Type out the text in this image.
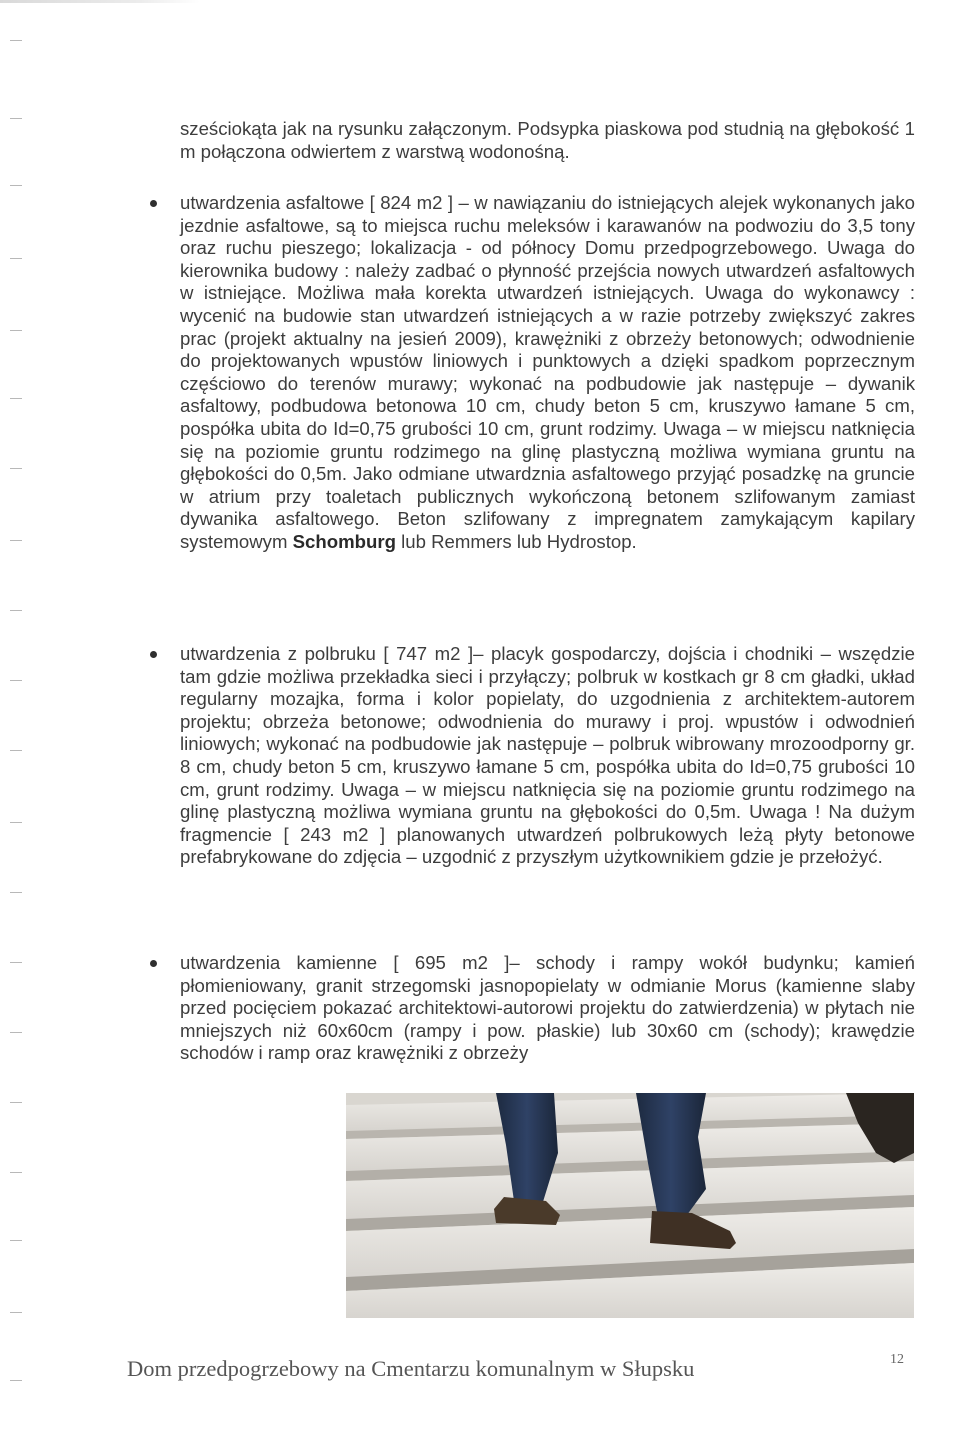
sześciokąta jak na rysunku załączonym. Podsypka piaskowa pod studnią na głębokość 1 m połączona odwiertem z warstwą wodonośną.

utwardzenia asfaltowe [ 824 m2 ] – w nawiązaniu do istniejących alejek wykonanych jako jezdnie asfaltowe, są to miejsca ruchu meleksów i karawanów na podwoziu do 3,5 tony oraz ruchu pieszego; lokalizacja - od północy Domu przedpogrzebowego. Uwaga do kierownika budowy : należy zadbać o płynność przejścia nowych utwardzeń asfaltowych w istniejące. Możliwa mała korekta utwardzeń istniejących. Uwaga do wykonawcy : wycenić na budowie stan utwardzeń istniejących a w razie potrzeby zwiększyć zakres prac (projekt aktualny na jesień 2009), krawężniki z obrzeży betonowych; odwodnienie do projektowanych wpustów liniowych i punktowych a dzięki spadkom poprzecznym częściowo do terenów murawy; wykonać na podbudowie jak następuje – dywanik asfaltowy, podbudowa betonowa 10 cm, chudy beton 5 cm, kruszywo łamane 5 cm, pospółka ubita do Id=0,75 grubości 10 cm, grunt rodzimy. Uwaga – w miejscu natknięcia się na poziomie gruntu rodzimego na glinę plastyczną możliwa wymiana gruntu na głębokości do 0,5m. Jako odmiane utwardznia asfaltowego przyjąć posadzkę na gruncie w atrium przy toaletach publicznych wykończoną betonem szlifowanym zamiast dywanika asfaltowego. Beton szlifowany z impregnatem zamykającym kapilary systemowym Schomburg lub Remmers lub Hydrostop.

utwardzenia z polbruku [ 747 m2 ]– placyk gospodarczy, dojścia i chodniki – wszędzie tam gdzie możliwa przekładka sieci i przyłączy; polbruk w kostkach gr 8 cm gładki, układ regularny mozajka, forma i kolor popielaty, do uzgodnienia z architektem-autorem projektu; obrzeża betonowe; odwodnienia do murawy i proj. wpustów i odwodnień liniowych; wykonać na podbudowie jak następuje – polbruk wibrowany mrozoodporny gr. 8 cm, chudy beton 5 cm, kruszywo łamane 5 cm, pospółka ubita do Id=0,75 grubości 10 cm, grunt rodzimy. Uwaga – w miejscu natknięcia się na poziomie gruntu rodzimego na glinę plastyczną możliwa wymiana gruntu na głębokości do 0,5m. Uwaga ! Na dużym fragmencie [ 243 m2 ] planowanych utwardzeń polbrukowych leżą płyty betonowe prefabrykowane do zdjęcia – uzgodnić z przyszłym użytkownikiem gdzie je przełożyć.

utwardzenia kamienne [ 695 m2 ]– schody i rampy wokół budynku; kamień płomieniowany, granit strzegomski jasnopopielaty w odmianie Morus (kamienne slaby przed pocięciem pokazać architektowi-autorowi projektu do zatwierdzenia) w płytach nie mniejszych niż 60x60cm (rampy i pow. płaskie) lub 30x60 cm (schody); krawędzie schodów i ramp oraz krawężniki z obrzeży

Dom przedpogrzebowy na Cmentarzu komunalnym w Słupsku	12
